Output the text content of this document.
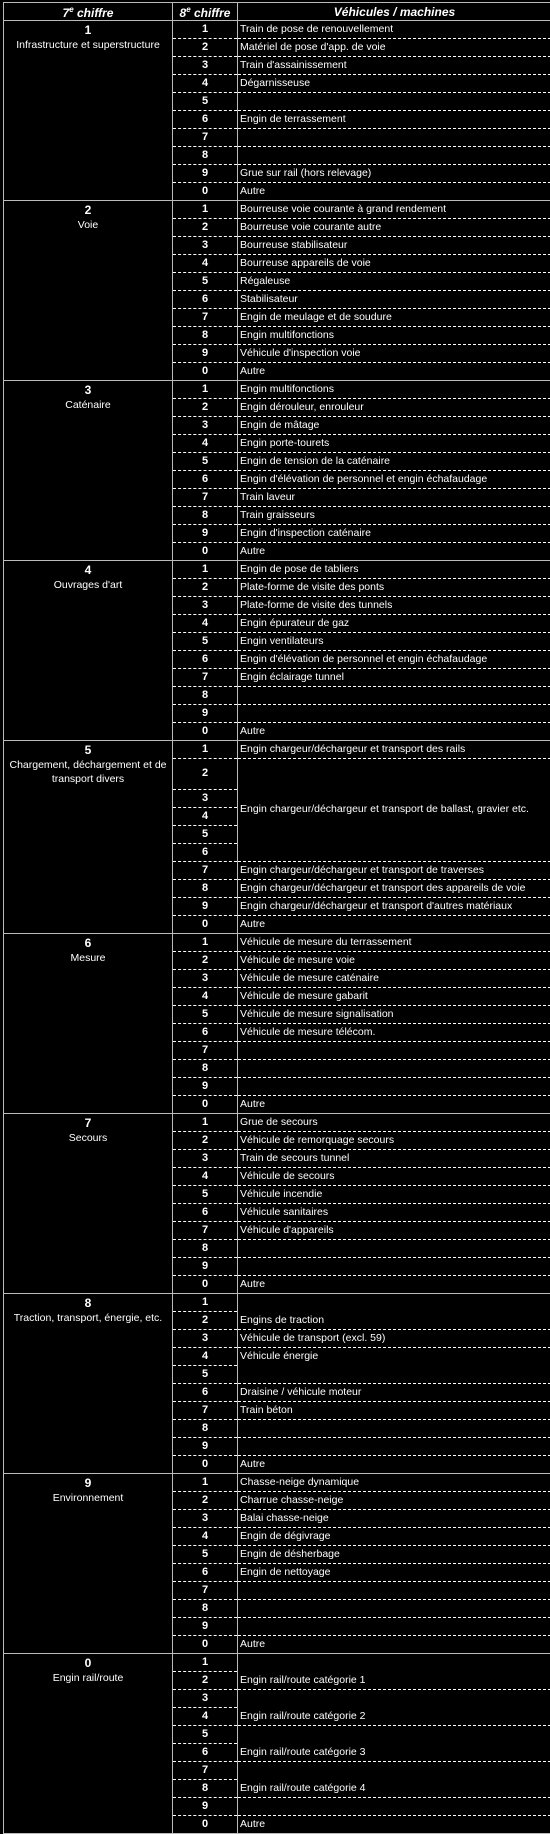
7e chiffre	8e chiffre	Véhicules / machines

1
Infrastructure et superstructure	1	Train de pose de renouvellement
	2	Matériel de pose d'app. de voie
	3	Train d'assainissement
	4	Dégarnisseuse
	5	
	6	Engin de terrassement
	7	
	8	
	9	Grue sur rail (hors relevage)
	0	Autre

2
Voie	1	Bourreuse voie courante à grand rendement
	2	Bourreuse voie courante autre
	3	Bourreuse stabilisateur
	4	Bourreuse appareils de voie
	5	Régaleuse
	6	Stabilisateur
	7	Engin de meulage et de soudure
	8	Engin multifonctions
	9	Véhicule d'inspection voie
	0	Autre

3
Caténaire	1	Engin multifonctions
	2	Engin dérouleur, enrouleur
	3	Engin de mâtage
	4	Engin porte-tourets
	5	Engin de tension de la caténaire
	6	Engin d'élévation de personnel et engin échafaudage
	7	Train laveur
	8	Train graisseurs
	9	Engin d'inspection caténaire
	0	Autre

4
Ouvrages d'art	1	Engin de pose de tabliers
	2	Plate-forme de visite des ponts
	3	Plate-forme de visite des tunnels
	4	Engin épurateur de gaz
	5	Engin ventilateurs
	6	Engin d'élévation de personnel et engin échafaudage
	7	Engin éclairage tunnel
	8	
	9	
	0	Autre

5
Chargement, déchargement et de transport divers	1	Engin chargeur/déchargeur et transport des rails
	2	Engin chargeur/déchargeur et transport de ballast, gravier etc.
	3	
	4	
	5	
	6	
	7	Engin chargeur/déchargeur et transport de traverses
	8	Engin chargeur/déchargeur et transport des appareils de voie
	9	Engin chargeur/déchargeur et transport d'autres matériaux
	0	Autre

6
Mesure	1	Véhicule de mesure du terrassement
	2	Véhicule de mesure voie
	3	Véhicule de mesure caténaire
	4	Véhicule de mesure gabarit
	5	Véhicule de mesure signalisation
	6	Véhicule de mesure télécom.
	7	
	8	
	9	
	0	Autre

7
Secours	1	Grue de secours
	2	Véhicule de remorquage secours
	3	Train de secours tunnel
	4	Véhicule de secours
	5	Véhicule incendie
	6	Véhicule sanitaires
	7	Véhicule d'appareils
	8	
	9	
	0	Autre

8
Traction, transport, énergie, etc.	1	Engins de traction
	2	
	3	Véhicule de transport (excl. 59)
	4	Véhicule énergie
	5	
	6	Draisine / véhicule moteur
	7	Train béton
	8	
	9	
	0	Autre

9
Environnement	1	Chasse-neige dynamique
	2	Charrue chasse-neige
	3	Balai chasse-neige
	4	Engin de dégivrage
	5	Engin de désherbage
	6	Engin de nettoyage
	7	
	8	
	9	
	0	Autre

0
Engin rail/route	1	Engin rail/route catégorie 1
	2	
	3	Engin rail/route catégorie 2
	4	
	5	Engin rail/route catégorie 3
	6	
	7	Engin rail/route catégorie 4
	8	
	9	
	0	Autre
